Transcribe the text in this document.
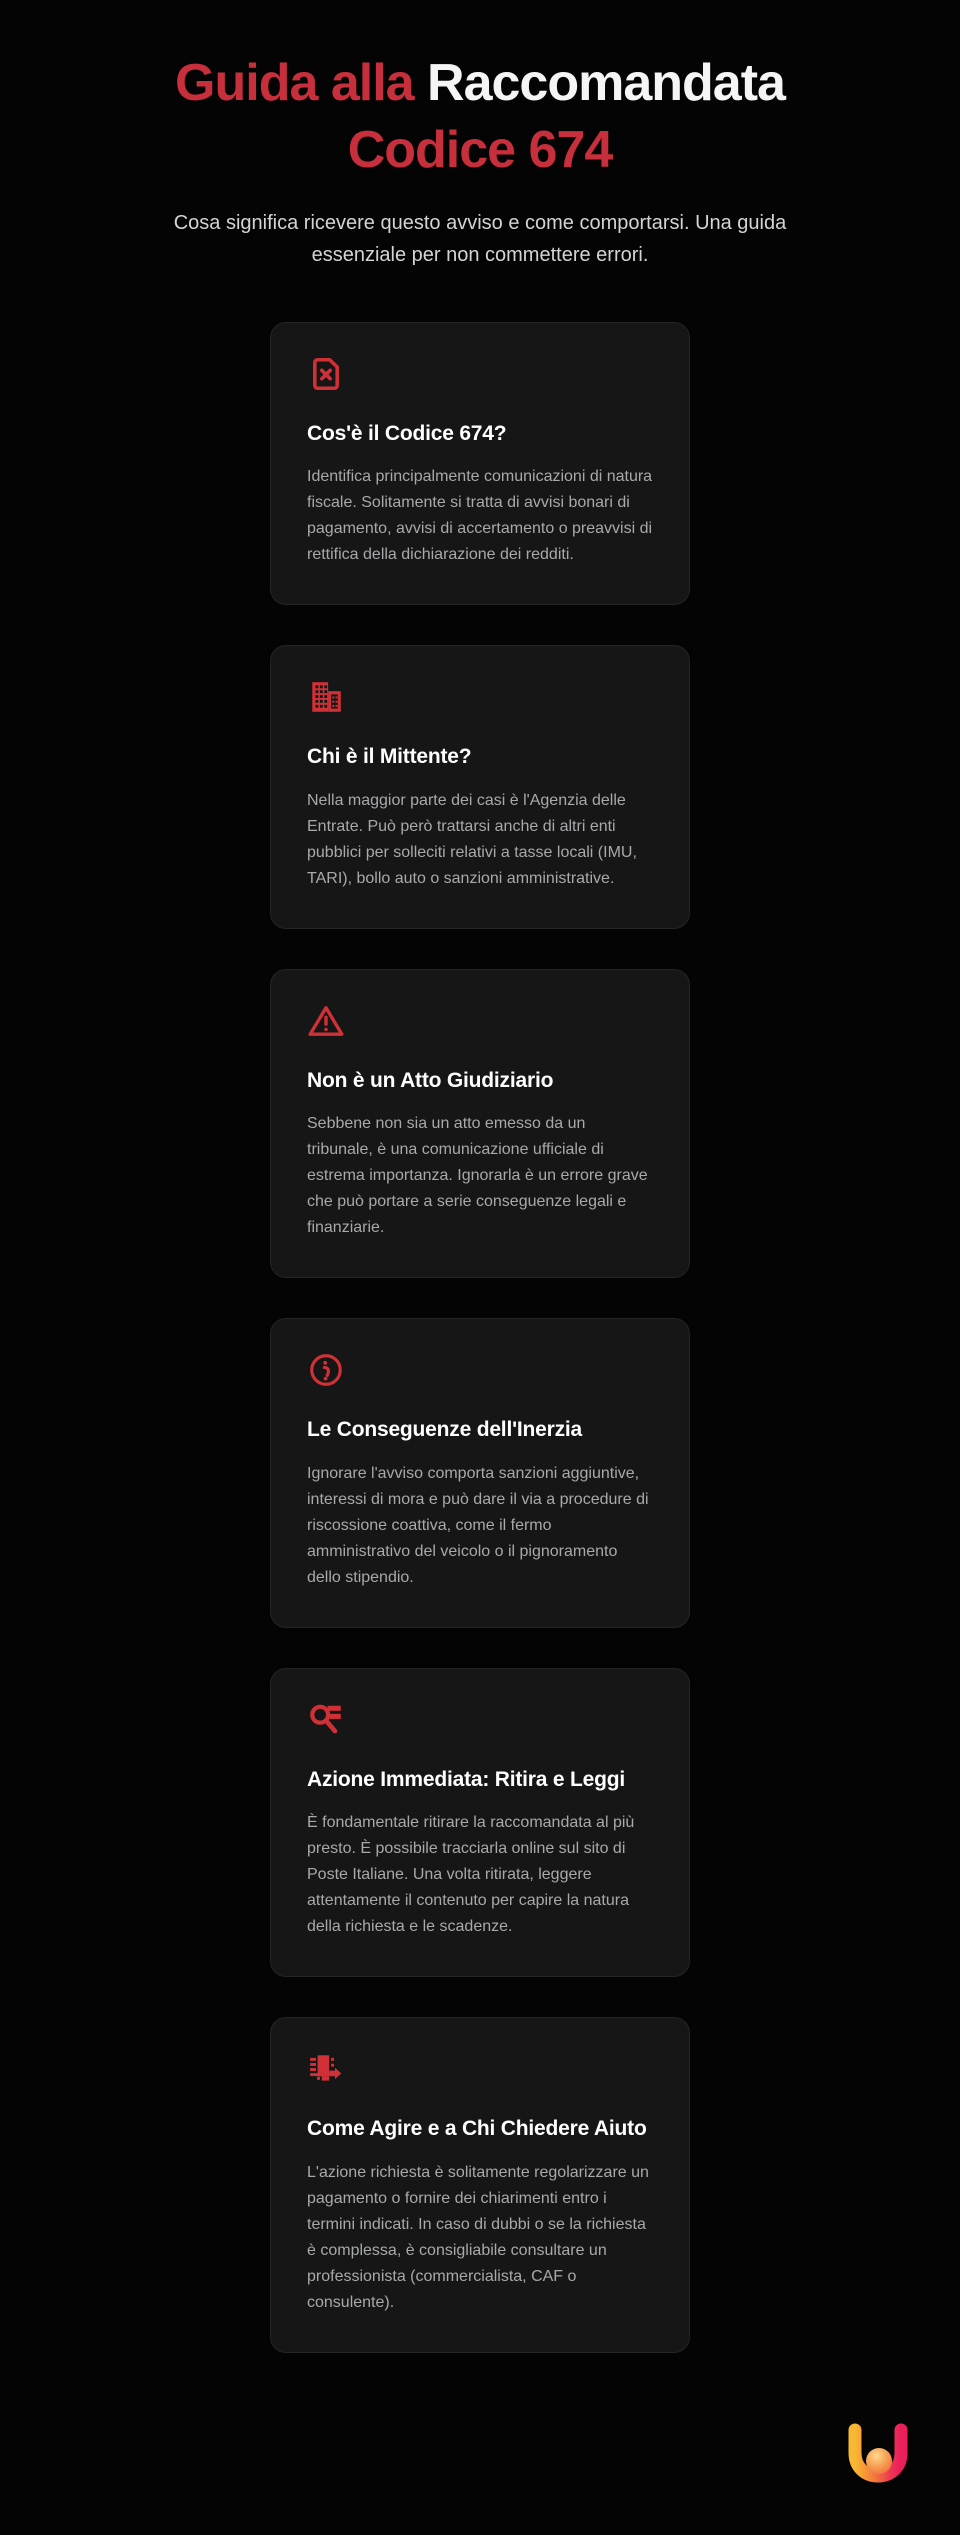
Guida alla Raccomandata
Codice 674

Cosa significa ricevere questo avviso e come comportarsi. Una guida essenziale per non commettere errori.

Cos'è il Codice 674?

Identifica principalmente comunicazioni di natura fiscale. Solitamente si tratta di avvisi bonari di pagamento, avvisi di accertamento o preavvisi di rettifica della dichiarazione dei redditi.

Chi è il Mittente?

Nella maggior parte dei casi è l'Agenzia delle Entrate. Può però trattarsi anche di altri enti pubblici per solleciti relativi a tasse locali (IMU, TARI), bollo auto o sanzioni amministrative.

Non è un Atto Giudiziario

Sebbene non sia un atto emesso da un tribunale, è una comunicazione ufficiale di estrema importanza. Ignorarla è un errore grave che può portare a serie conseguenze legali e finanziarie.

Le Conseguenze dell'Inerzia

Ignorare l'avviso comporta sanzioni aggiuntive, interessi di mora e può dare il via a procedure di riscossione coattiva, come il fermo amministrativo del veicolo o il pignoramento dello stipendio.

Azione Immediata: Ritira e Leggi

È fondamentale ritirare la raccomandata al più presto. È possibile tracciarla online sul sito di Poste Italiane. Una volta ritirata, leggere attentamente il contenuto per capire la natura della richiesta e le scadenze.

Come Agire e a Chi Chiedere Aiuto

L'azione richiesta è solitamente regolarizzare un pagamento o fornire dei chiarimenti entro i termini indicati. In caso di dubbi o se la richiesta è complessa, è consigliabile consultare un professionista (commercialista, CAF o consulente).
